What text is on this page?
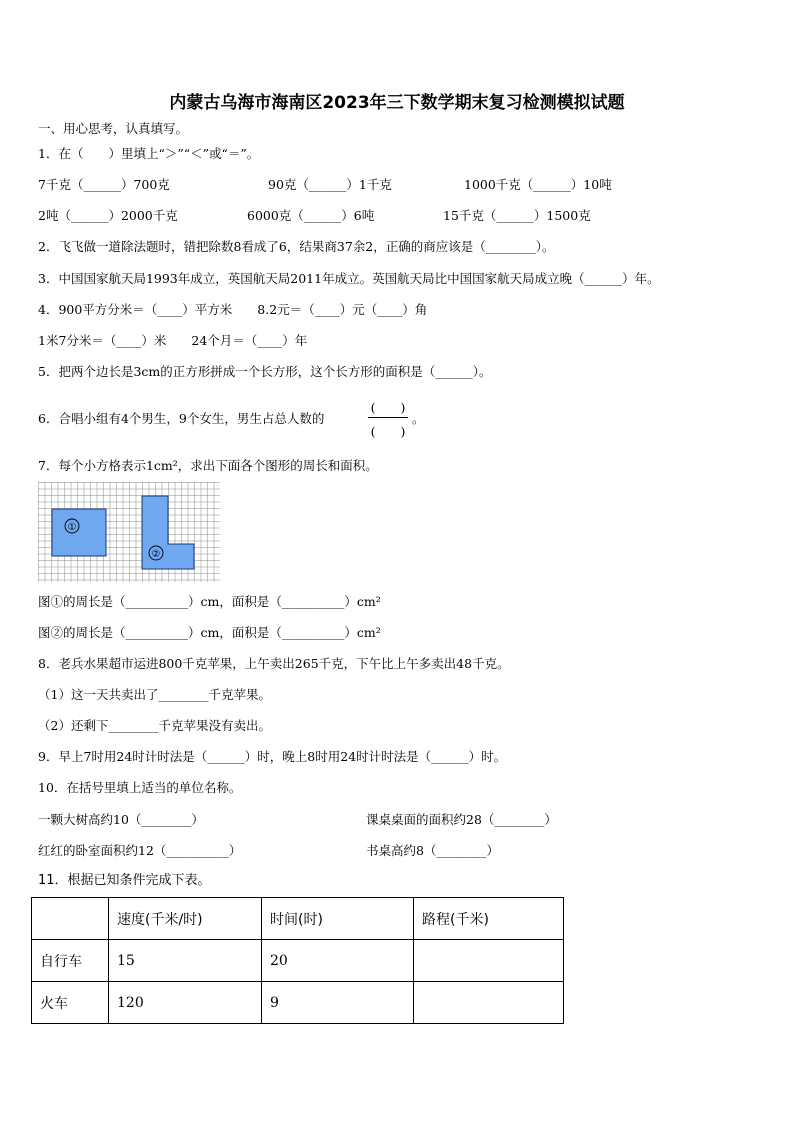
内蒙古乌海市海南区2023年三下数学期末复习检测模拟试题
一、用心思考，认真填写。
1．在（　　）里填上“＞”“＜”或“＝”。
7千克（______）700克	90克（______）1千克	1000千克（______）10吨
2吨（______）2000千克	6000克（______）6吨	15千克（______）1500克
2．飞飞做一道除法题时，错把除数8看成了6，结果商37余2，正确的商应该是（________）。
3．中国国家航天局1993年成立，英国航天局2011年成立。英国航天局比中国国家航天局成立晚（______）年。
4．900平方分米＝（____）平方米　　8.2元＝（____）元（____）角
1米7分米＝（____）米　　24个月＝（____）年
5．把两个边长是3cm的正方形拼成一个长方形，这个长方形的面积是（______）。
6．合唱小组有4个男生，9个女生，男生占总人数的
(　　)
(　　)
。
7．每个小方格表示1cm²，求出下面各个图形的周长和面积。
①
②
图①的周长是（__________）cm，面积是（__________）cm²
图②的周长是（__________）cm，面积是（__________）cm²
8．老兵水果超市运进800千克苹果，上午卖出265千克，下午比上午多卖出48千克。
（1）这一天共卖出了________千克苹果。
（2）还剩下________千克苹果没有卖出。
9．早上7时用24时计时法是（______）时，晚上8时用24时计时法是（______）时。
10．在括号里填上适当的单位名称。
一颗大树高约10（________）	课桌桌面的面积约28（________）
红红的卧室面积约12（__________）	书桌高约8（________）
11．根据已知条件完成下表。
	速度(千米/时)	时间(时)	路程(千米)
自行车	15	20	
火车	120	9	
